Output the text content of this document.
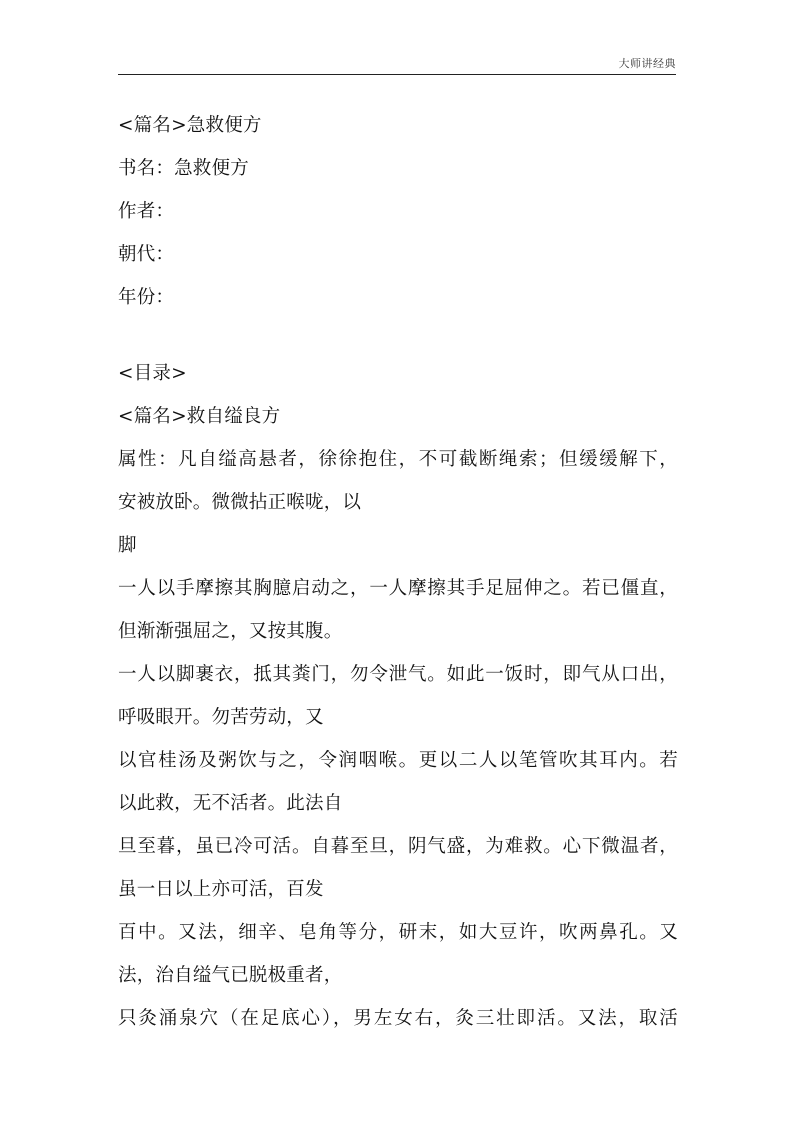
大师讲经典
<篇名>急救便方
书名：急救便方
作者：
朝代：
年份：
<目录>
<篇名>救自缢良方
属性：凡自缢高悬者，徐徐抱住，不可截断绳索；但缓缓解下，
安被放卧。微微拈正喉咙，以
脚
一人以手摩擦其胸臆启动之，一人摩擦其手足屈伸之。若已僵直，
但渐渐强屈之，又按其腹。
一人以脚裹衣，抵其粪门，勿令泄气。如此一饭时，即气从口出，
呼吸眼开。勿苦劳动，又
以官桂汤及粥饮与之，令润咽喉。更以二人以笔管吹其耳内。若
以此救，无不活者。此法自
旦至暮，虽已冷可活。自暮至旦，阴气盛，为难救。心下微温者，
虽一日以上亦可活，百发
百中。又法，细辛、皂角等分，研末，如大豆许，吹两鼻孔。又
法，治自缢气已脱极重者，
只灸涌泉穴（在足底心），男左女右，灸三壮即活。又法，取活
